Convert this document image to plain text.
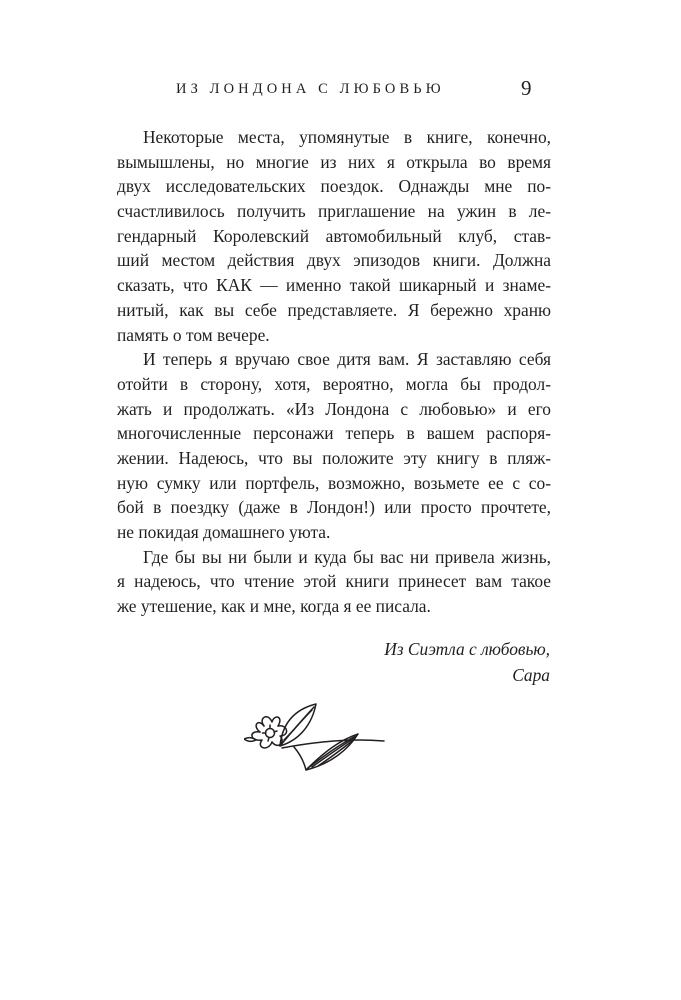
ИЗ ЛОНДОНА С ЛЮБОВЬЮ	9
Некоторые места, упомянутые в книге, конечно,
вымышлены, но многие из них я открыла во время
двух исследовательских поездок. Однажды мне по-
счастливилось получить приглашение на ужин в ле-
гендарный Королевский автомобильный клуб, став-
ший местом действия двух эпизодов книги. Должна
сказать, что КАК — именно такой шикарный и знаме-
нитый, как вы себе представляете. Я бережно храню
память о том вечере.
И теперь я вручаю свое дитя вам. Я заставляю себя
отойти в сторону, хотя, вероятно, могла бы продол-
жать и продолжать. «Из Лондона с любовью» и его
многочисленные персонажи теперь в вашем распоря-
жении. Надеюсь, что вы положите эту книгу в пляж-
ную сумку или портфель, возможно, возьмете ее с со-
бой в поездку (даже в Лондон!) или просто прочтете,
не покидая домашнего уюта.
Где бы вы ни были и куда бы вас ни привела жизнь,
я надеюсь, что чтение этой книги принесет вам такое
же утешение, как и мне, когда я ее писала.
Из Сиэтла с любовью,
Сара
